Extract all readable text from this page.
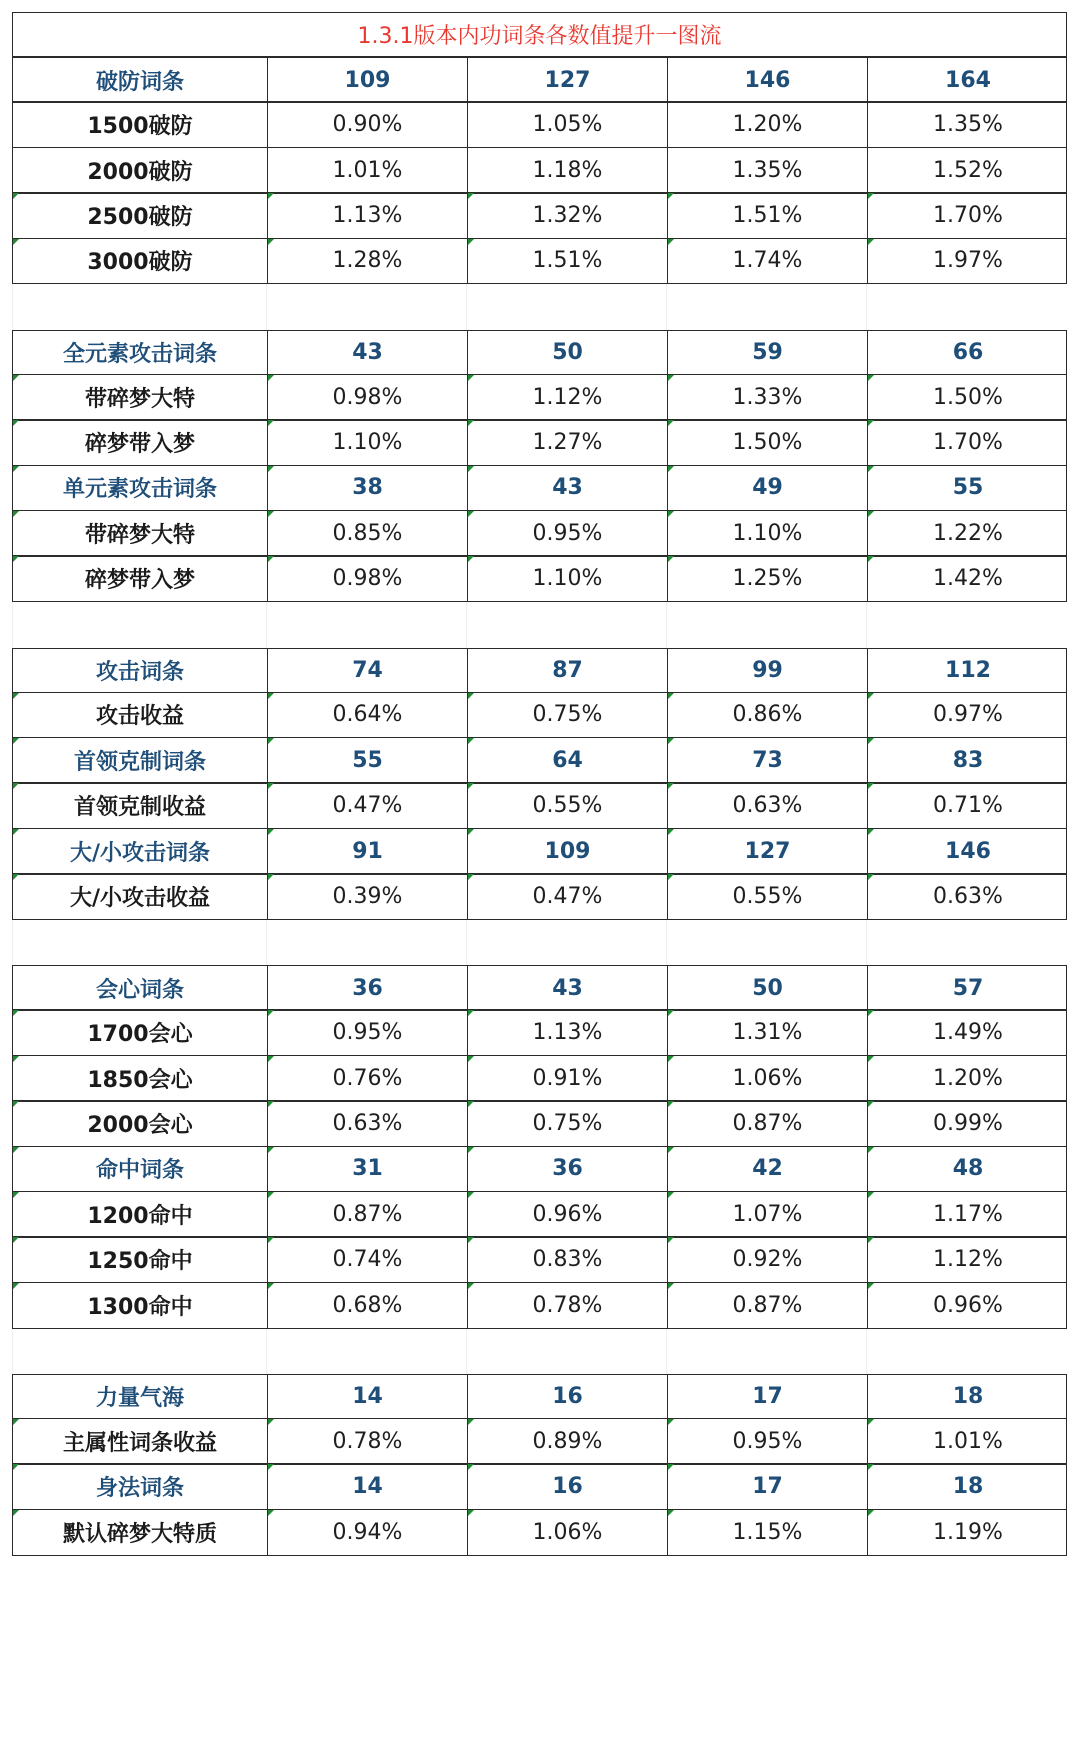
1.3.1版本内功词条各数值提升一图流
破防词条	109	127	146	164
1500破防	0.90%	1.05%	1.20%	1.35%
2000破防	1.01%	1.18%	1.35%	1.52%
2500破防	1.13%	1.32%	1.51%	1.70%
3000破防	1.28%	1.51%	1.74%	1.97%
全元素攻击词条	43	50	59	66
带碎梦大特	0.98%	1.12%	1.33%	1.50%
碎梦带入梦	1.10%	1.27%	1.50%	1.70%
单元素攻击词条	38	43	49	55
带碎梦大特	0.85%	0.95%	1.10%	1.22%
碎梦带入梦	0.98%	1.10%	1.25%	1.42%
攻击词条	74	87	99	112
攻击收益	0.64%	0.75%	0.86%	0.97%
首领克制词条	55	64	73	83
首领克制收益	0.47%	0.55%	0.63%	0.71%
大/小攻击词条	91	109	127	146
大/小攻击收益	0.39%	0.47%	0.55%	0.63%
会心词条	36	43	50	57
1700会心	0.95%	1.13%	1.31%	1.49%
1850会心	0.76%	0.91%	1.06%	1.20%
2000会心	0.63%	0.75%	0.87%	0.99%
命中词条	31	36	42	48
1200命中	0.87%	0.96%	1.07%	1.17%
1250命中	0.74%	0.83%	0.92%	1.12%
1300命中	0.68%	0.78%	0.87%	0.96%
力量气海	14	16	17	18
主属性词条收益	0.78%	0.89%	0.95%	1.01%
身法词条	14	16	17	18
默认碎梦大特质	0.94%	1.06%	1.15%	1.19%
